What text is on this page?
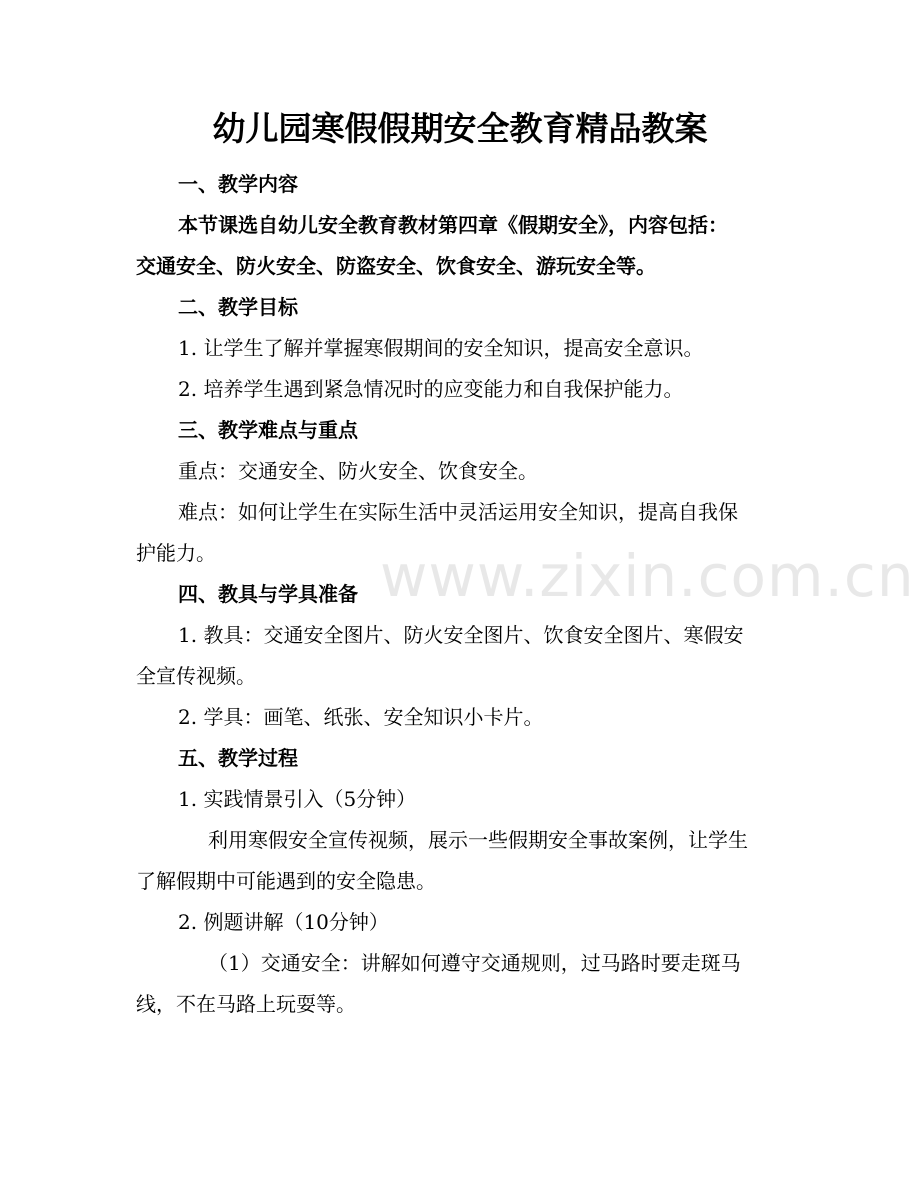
幼儿园寒假假期安全教育精品教案

一、教学内容

本节课选自幼儿安全教育教材第四章《假期安全》，内容包括：

交通安全、防火安全、防盗安全、饮食安全、游玩安全等。

二、教学目标

1. 让学生了解并掌握寒假期间的安全知识，提高安全意识。

2. 培养学生遇到紧急情况时的应变能力和自我保护能力。

三、教学难点与重点

重点：交通安全、防火安全、饮食安全。

难点：如何让学生在实际生活中灵活运用安全知识，提高自我保

护能力。

四、教具与学具准备

1. 教具：交通安全图片、防火安全图片、饮食安全图片、寒假安

全宣传视频。

2. 学具：画笔、纸张、安全知识小卡片。

五、教学过程

1. 实践情景引入（5分钟）

利用寒假安全宣传视频，展示一些假期安全事故案例，让学生

了解假期中可能遇到的安全隐患。

2. 例题讲解（10分钟）

（1）交通安全：讲解如何遵守交通规则，过马路时要走斑马

线，不在马路上玩耍等。

www.zixin.com.cn
